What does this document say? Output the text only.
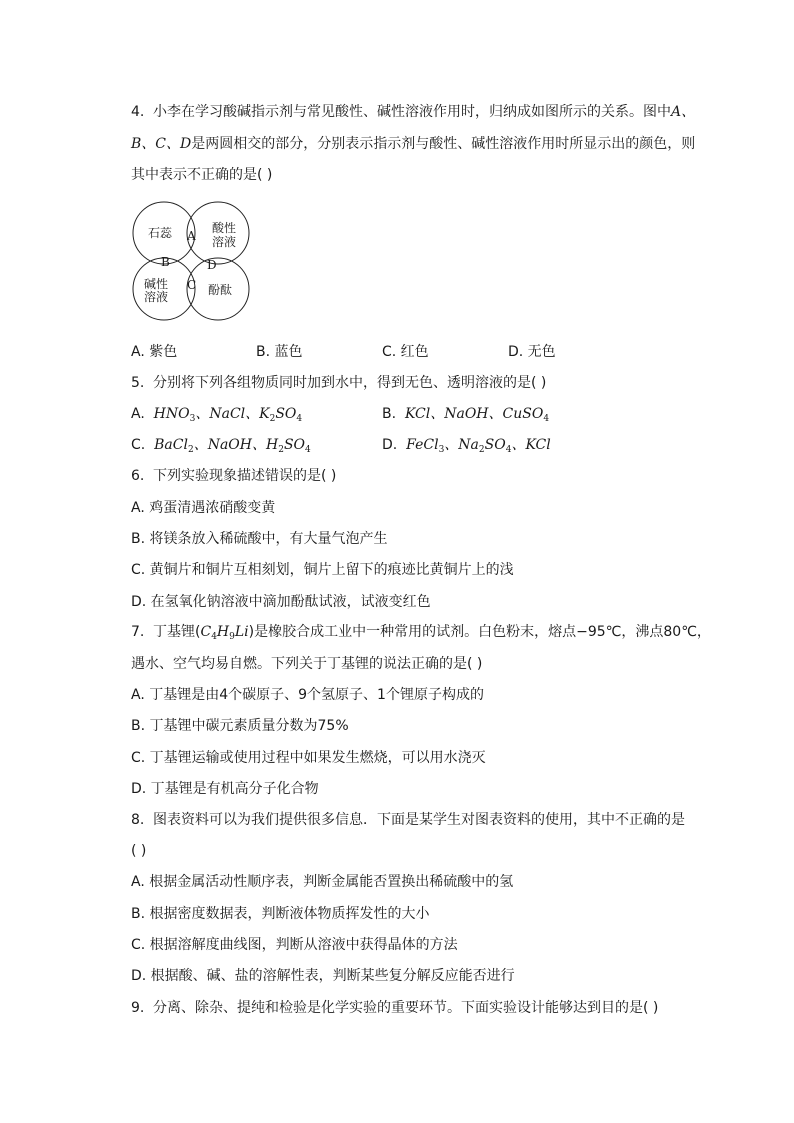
4. 小李在学习酸碱指示剂与常见酸性、碱性溶液作用时，归纳成如图所示的关系。图中A、
B、C、D是两圆相交的部分，分别表示指示剂与酸性、碱性溶液作用时所显示出的颜色，则
其中表示不正确的是( )
石蕊	酸性
溶液
碱性
溶液	酚酞
A
B
C
D
A. 紫色	B. 蓝色	C. 红色	D. 无色
5. 分别将下列各组物质同时加到水中，得到无色、透明溶液的是( )
A.  $HNO_3$、NaCl、$K_2SO_4$	B.  KCl、NaOH、CuSO$_4$
C.  BaCl$_2$、NaOH、$H_2SO_4$	D.  FeCl$_3$、$Na_2SO_4$、KCl
6. 下列实验现象描述错误的是( )
A. 鸡蛋清遇浓硝酸变黄
B. 将镁条放入稀硫酸中，有大量气泡产生
C. 黄铜片和铜片互相刻划，铜片上留下的痕迹比黄铜片上的浅
D. 在氢氧化钠溶液中滴加酚酞试液，试液变红色
7. 丁基锂$(C_4H_9Li)$是橡胶合成工业中一种常用的试剂。白色粉末，熔点−95℃，沸点80℃，
遇水、空气均易自燃。下列关于丁基锂的说法正确的是( )
A. 丁基锂是由4个碳原子、9个氢原子、1个锂原子构成的
B. 丁基锂中碳元素质量分数为75%
C. 丁基锂运输或使用过程中如果发生燃烧，可以用水浇灭
D. 丁基锂是有机高分子化合物
8. 图表资料可以为我们提供很多信息．下面是某学生对图表资料的使用，其中不正确的是
( )
A. 根据金属活动性顺序表，判断金属能否置换出稀硫酸中的氢
B. 根据密度数据表，判断液体物质挥发性的大小
C. 根据溶解度曲线图，判断从溶液中获得晶体的方法
D. 根据酸、碱、盐的溶解性表，判断某些复分解反应能否进行
9. 分离、除杂、提纯和检验是化学实验的重要环节。下面实验设计能够达到目的是( )
